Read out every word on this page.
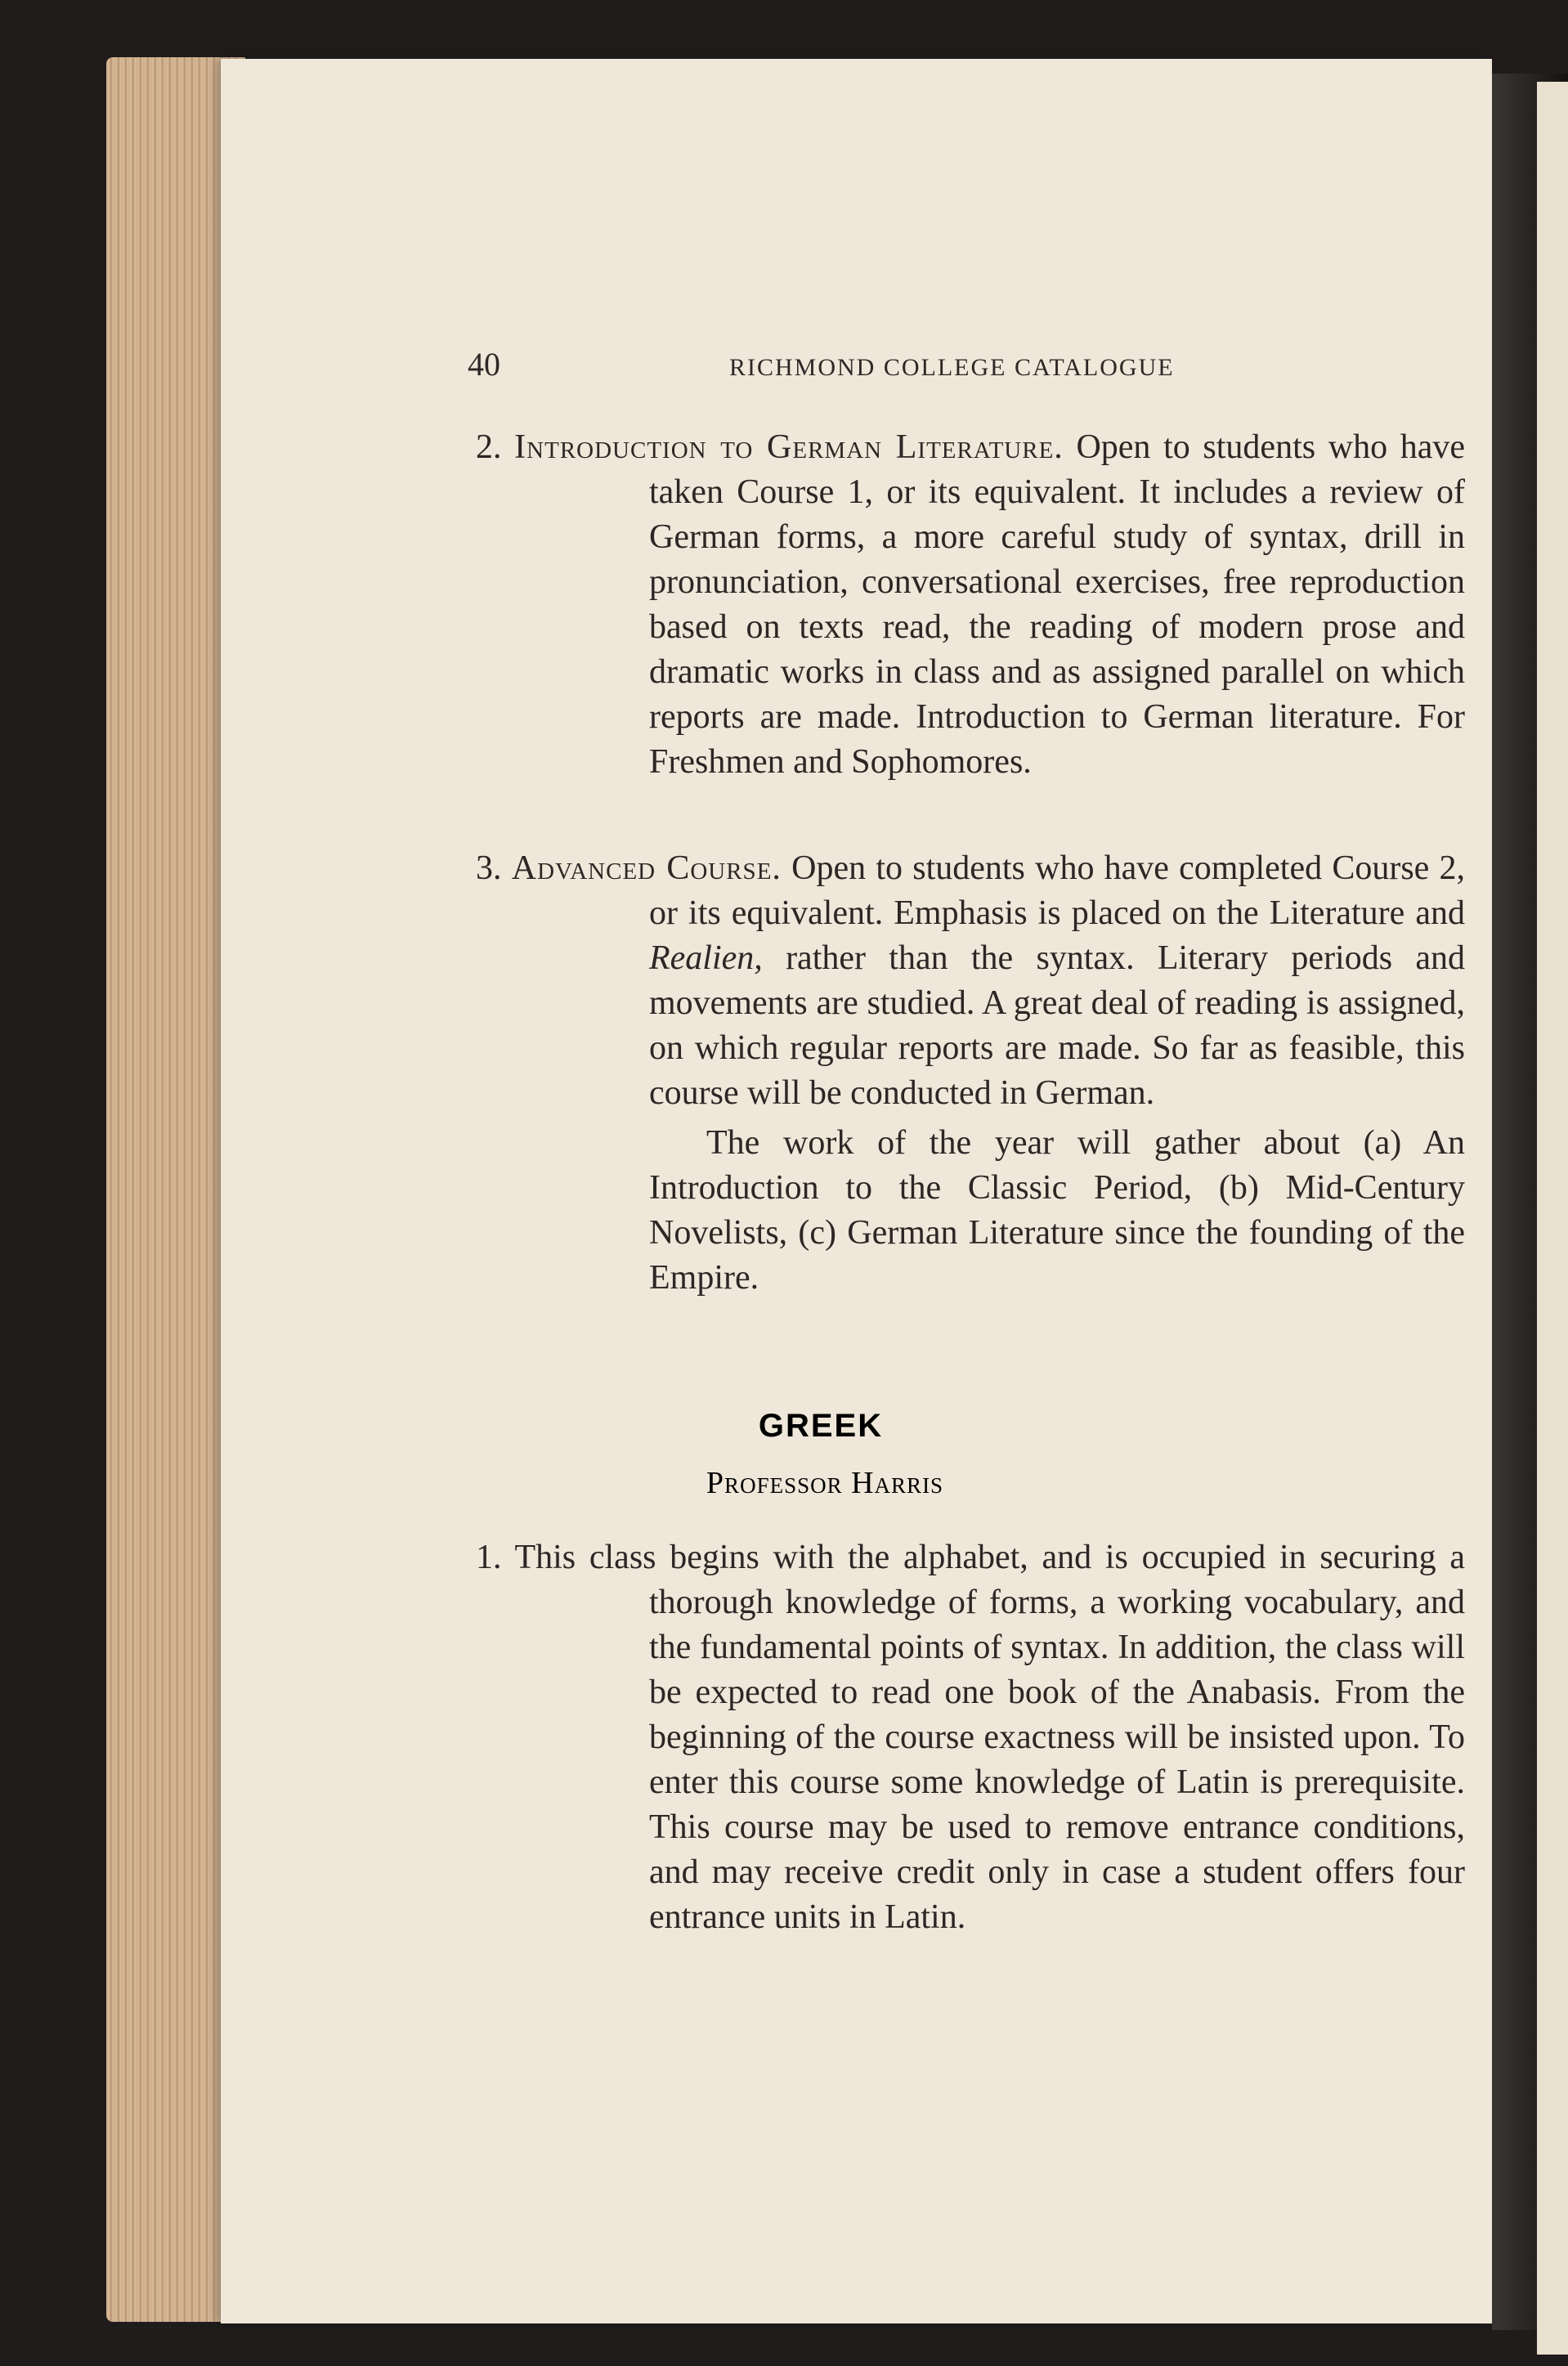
40	RICHMOND COLLEGE CATALOGUE

2. Introduction to German Literature. Open to students who have taken Course 1, or its equivalent. It includes a review of German forms, a more careful study of syntax, drill in pronunciation, conversational exercises, free reproduction based on texts read, the reading of modern prose and dramatic works in class and as assigned parallel on which reports are made. Introduction to German literature. For Freshmen and Sophomores.

3. Advanced Course. Open to students who have completed Course 2, or its equivalent. Emphasis is placed on the Literature and Realien, rather than the syntax. Literary periods and movements are studied. A great deal of reading is assigned, on which regular reports are made. So far as feasible, this course will be conducted in German.

The work of the year will gather about (a) An Introduction to the Classic Period, (b) Mid-Century Novelists, (c) German Literature since the founding of the Empire.

GREEK
Professor Harris

1. This class begins with the alphabet, and is occupied in securing a thorough knowledge of forms, a working vocabulary, and the fundamental points of syntax. In addition, the class will be expected to read one book of the Anabasis. From the beginning of the course exactness will be insisted upon. To enter this course some knowledge of Latin is prerequisite. This course may be used to remove entrance conditions, and may receive credit only in case a student offers four entrance units in Latin.
